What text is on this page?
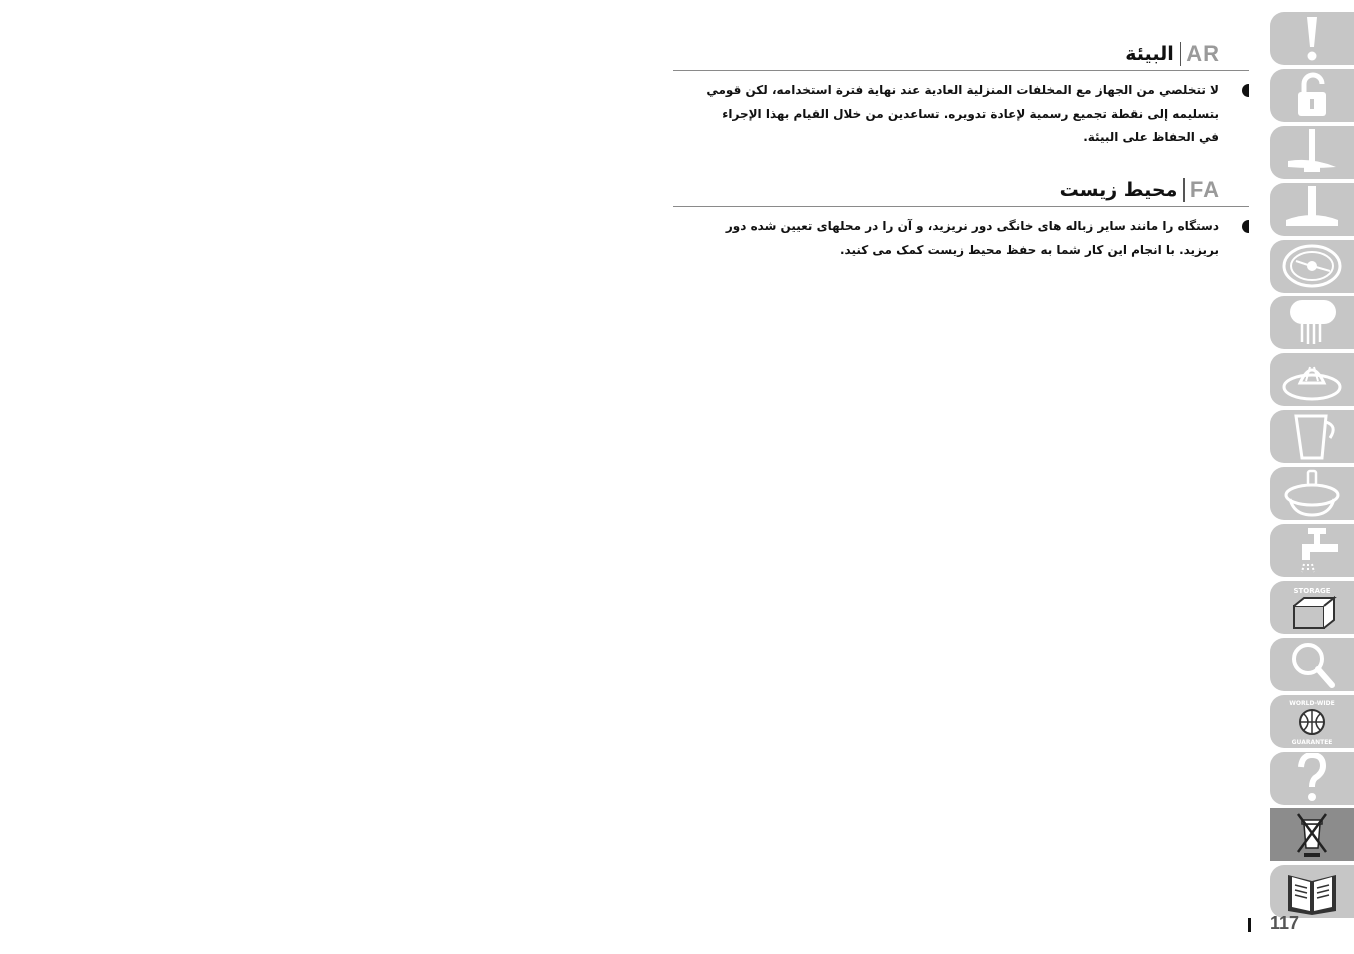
البيئة AR

لا تتخلصي من الجهاز مع المخلفات المنزلية العادية عند نهاية فترة استخدامه، لكن قومي بتسليمه إلى نقطة تجميع رسمية لإعادة تدويره. تساعدين من خلال القيام بهذا الإجراء في الحفاظ على البيئة.

محيط زيست FA

دستگاه را مانند سایر زباله های خانگی دور نریزید، و آن را در محلهای تعیین شده دور بریزید. با انجام این کار شما به حفظ محیط زیست کمک می کنید.

STORAGE
WORLD-WIDE
GUARANTEE
117
